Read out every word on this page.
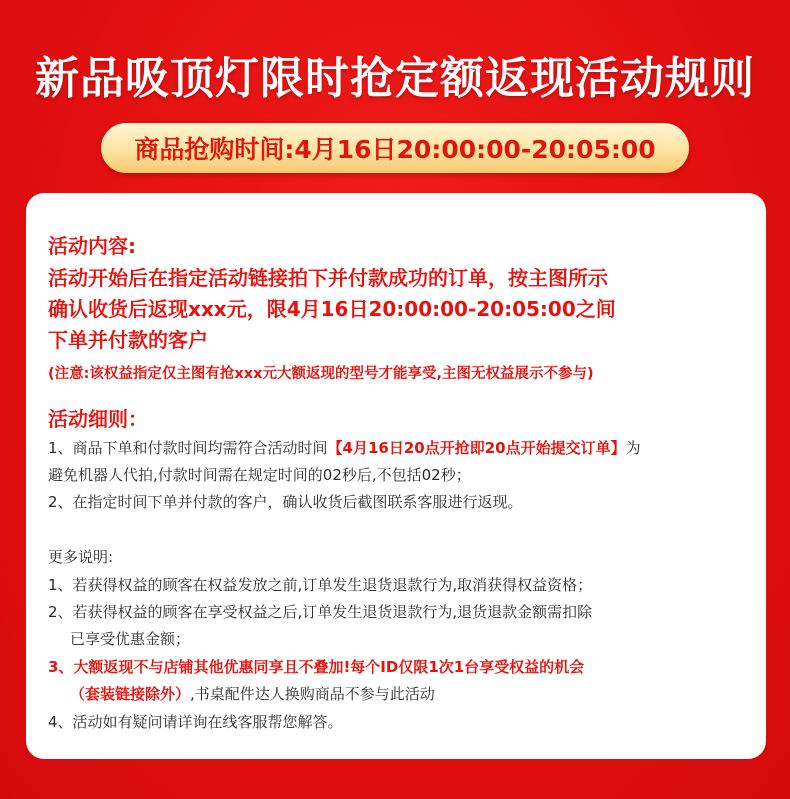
新品吸顶灯限时抢定额返现活动规则
商品抢购时间:4月16日20:00:00-20:05:00
活动内容:
活动开始后在指定活动链接拍下并付款成功的订单，按主图所示
确认收货后返现xxx元，限4月16日20:00:00-20:05:00之间
下单并付款的客户
(注意:该权益指定仅主图有抢xxx元大额返现的型号才能享受,主图无权益展示不参与)
活动细则：
1、商品下单和付款时间均需符合活动时间【4月16日20点开抢即20点开始提交订单】为
避免机器人代拍,付款时间需在规定时间的02秒后,不包括02秒；
2、在指定时间下单并付款的客户，确认收货后截图联系客服进行返现。
更多说明:
1、若获得权益的顾客在权益发放之前,订单发生退货退款行为,取消获得权益资格；
2、若获得权益的顾客在享受权益之后,订单发生退货退款行为,退货退款金额需扣除
已享受优惠金额；
3、大额返现不与店铺其他优惠同享且不叠加!每个ID仅限1次1台享受权益的机会
（套装链接除外）,书桌配件达人换购商品不参与此活动
4、活动如有疑问请详询在线客服帮您解答。
